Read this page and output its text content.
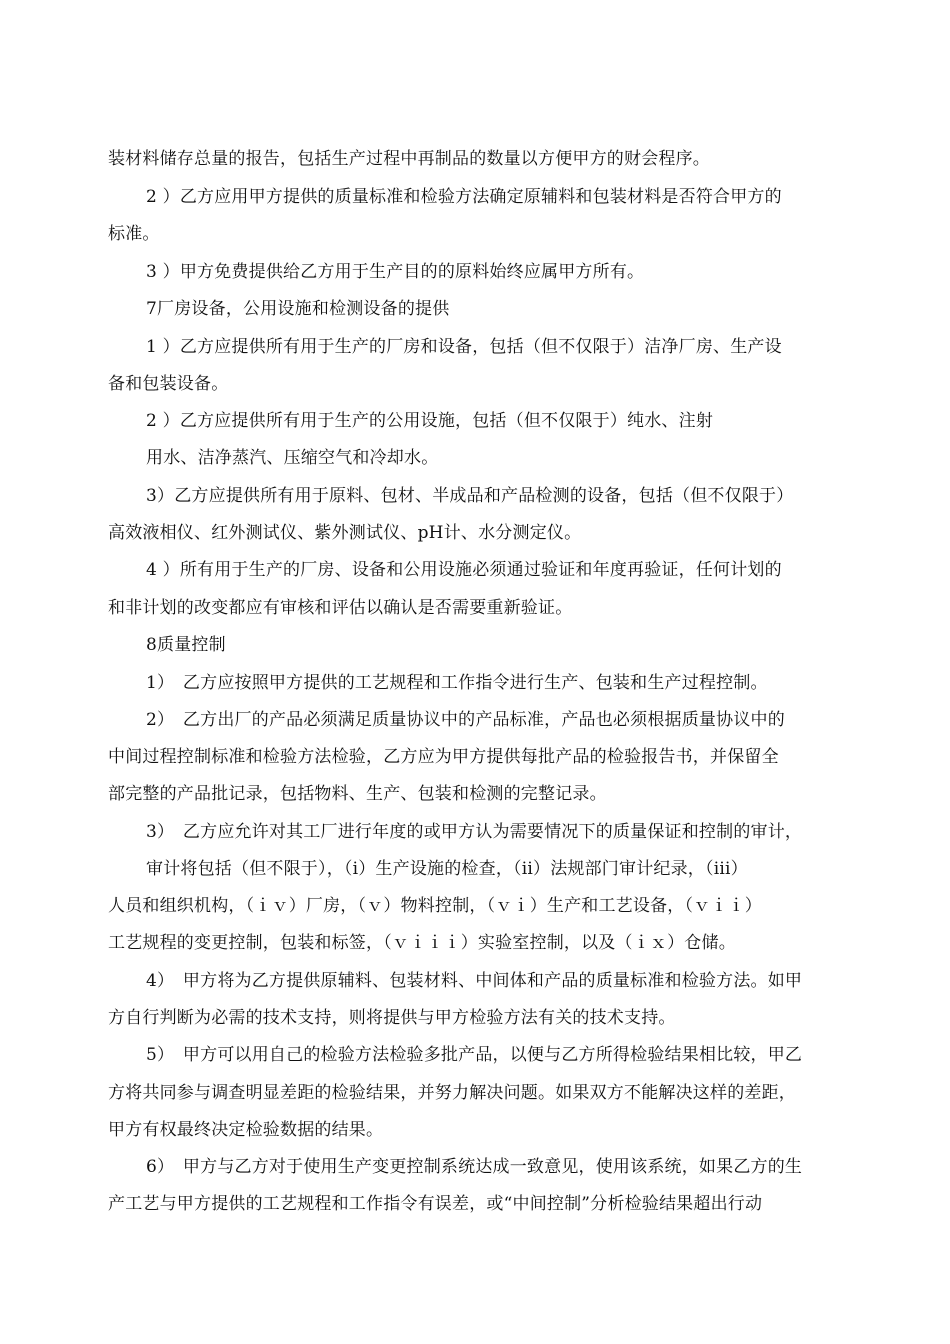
装材料储存总量的报告，包括生产过程中再制品的数量以方便甲方的财会程序。
2 ）乙方应用甲方提供的质量标准和检验方法确定原辅料和包装材料是否符合甲方的
标准。
3 ）甲方免费提供给乙方用于生产目的的原料始终应属甲方所有。
7厂房设备，公用设施和检测设备的提供
1 ）乙方应提供所有用于生产的厂房和设备，包括（但不仅限于）洁净厂房、生产设
备和包装设备。
2 ）乙方应提供所有用于生产的公用设施，包括（但不仅限于）纯水、注射
用水、洁净蒸汽、压缩空气和冷却水。
3）乙方应提供所有用于原料、包材、半成品和产品检测的设备，包括（但不仅限于）
高效液相仪、红外测试仪、紫外测试仪、pH计、水分测定仪。
4 ）所有用于生产的厂房、设备和公用设施必须通过验证和年度再验证，任何计划的
和非计划的改变都应有审核和评估以确认是否需要重新验证。
8质量控制
1）　乙方应按照甲方提供的工艺规程和工作指令进行生产、包装和生产过程控制。
2）　乙方出厂的产品必须满足质量协议中的产品标准，产品也必须根据质量协议中的
中间过程控制标准和检验方法检验，乙方应为甲方提供每批产品的检验报告书，并保留全
部完整的产品批记录，包括物料、生产、包装和检测的完整记录。
3）　乙方应允许对其工厂进行年度的或甲方认为需要情况下的质量保证和控制的审计，
审计将包括（但不限于），（i）生产设施的检查，（ii）法规部门审计纪录，（iii）
人员和组织机构，（ｉｖ）厂房，（ｖ）物料控制，（ｖｉ）生产和工艺设备，（ｖｉｉ）
工艺规程的变更控制，包装和标签，（ｖｉｉｉ）实验室控制，以及（ｉｘ）仓储。
4）　甲方将为乙方提供原辅料、包装材料、中间体和产品的质量标准和检验方法。如甲
方自行判断为必需的技术支持，则将提供与甲方检验方法有关的技术支持。
5）　甲方可以用自己的检验方法检验多批产品，以便与乙方所得检验结果相比较，甲乙
方将共同参与调查明显差距的检验结果，并努力解决问题。如果双方不能解决这样的差距，
甲方有权最终决定检验数据的结果。
6）　甲方与乙方对于使用生产变更控制系统达成一致意见，使用该系统，如果乙方的生
产工艺与甲方提供的工艺规程和工作指令有误差，或“中间控制”分析检验结果超出行动
